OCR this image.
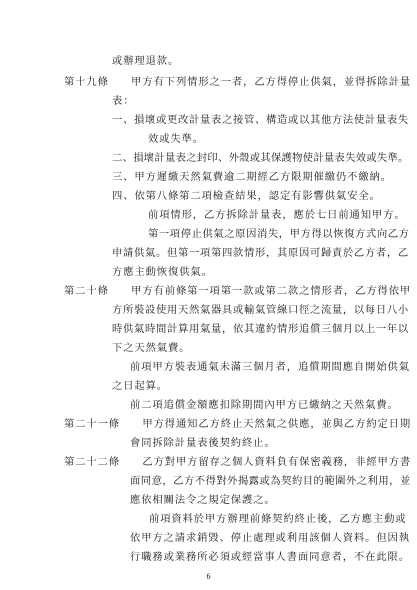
或辦理退款。
第十九條　　甲方有下列情形之一者，乙方得停止供氣，並得拆除計量
表：
一、損壞或更改計量表之接管、構造或以其他方法使計量表失
效或失準。
二、損壞計量表之封印、外殼或其保護物使計量表失效或失準。
三、甲方遲繳天然氣費逾二期經乙方限期催繳仍不繳納。
四、依第八條第二項檢查結果，認定有影響供氣安全。
前項情形，乙方拆除計量表，應於七日前通知甲方。
第一項停止供氣之原因消失，甲方得以恢復方式向乙方
申請供氣。但第一項第四款情形，其原因可歸責於乙方者，乙
方應主動恢復供氣。
第二十條　　甲方有前條第一項第一款或第二款之情形者，乙方得依甲
方所裝設使用天然氣器具或輸氣管線口徑之流量，以每日八小
時供氣時間計算用氣量，依其違約情形追償三個月以上一年以
下之天然氣費。
前項甲方裝表通氣未滿三個月者，追償期間應自開始供氣
之日起算。
前二項追償金額應扣除期間內甲方已繳納之天然氣費。
第二十一條　　甲方得通知乙方終止天然氣之供應，並與乙方約定日期
會同拆除計量表後契約終止。
第二十二條　　乙方對甲方留存之個人資料負有保密義務，非經甲方書
面同意，乙方不得對外揭露或為契約目的範圍外之利用，並
應依相關法令之規定保護之。
前項資料於甲方辦理前條契約終止後，乙方應主動或
依甲方之請求銷毀、停止處理或利用該個人資料。但因執
行職務或業務所必須或經當事人書面同意者，不在此限。
6
